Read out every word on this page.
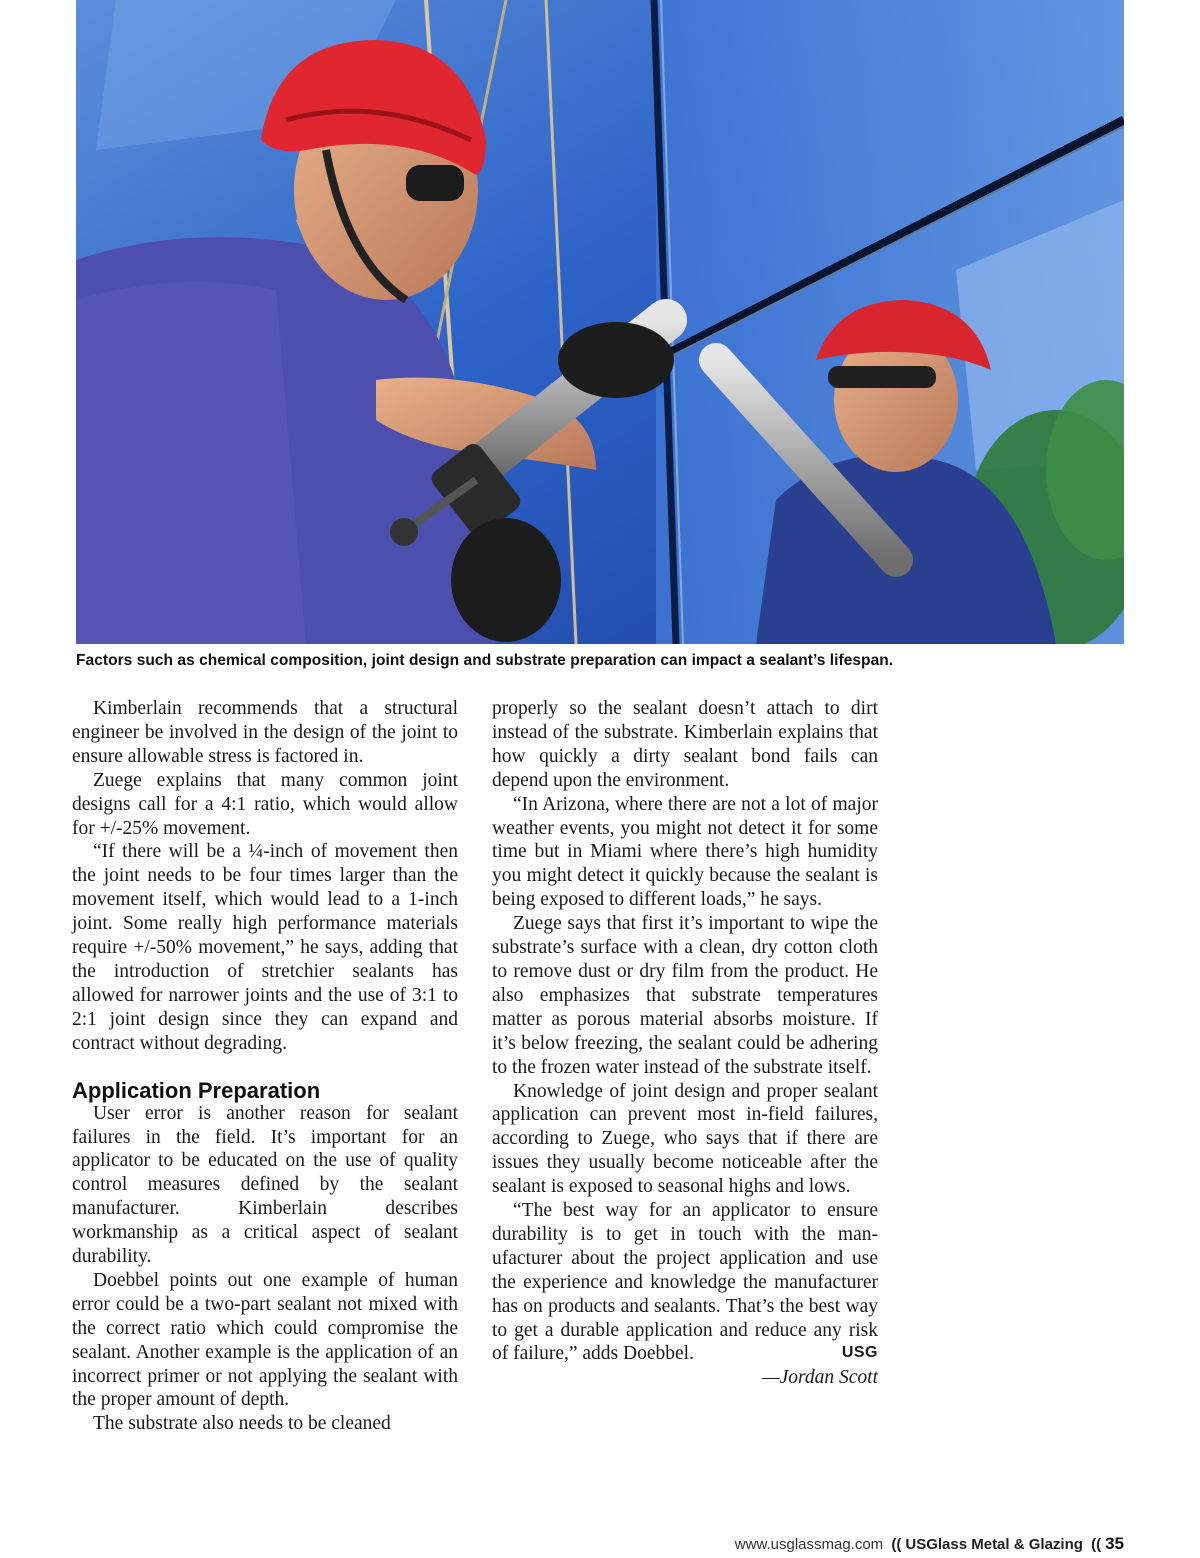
Factors such as chemical composition, joint design and substrate preparation can impact a sealant’s lifespan.

Kimberlain recommends that a structural engineer be involved in the design of the joint to ensure allowable stress is factored in.

Zuege explains that many common joint designs call for a 4:1 ratio, which would allow for +/-25% movement.

“If there will be a ¼-inch of movement then the joint needs to be four times larger than the movement itself, which would lead to a 1-inch joint. Some really high performance materials require +/-50% movement,” he says, adding that the introduction of stretchier sealants has allowed for narrower joints and the use of 3:1 to 2:1 joint design since they can expand and contract without degrading.

Application Preparation

User error is another reason for sealant failures in the field. It’s important for an applicator to be educated on the use of quality control measures defined by the sealant manufacturer. Kimberlain describes workmanship as a critical aspect of sealant durability.

Doebbel points out one example of human error could be a two-part sealant not mixed with the correct ratio which could compromise the sealant. Another example is the application of an incorrect primer or not applying the sealant with the proper amount of depth.

The substrate also needs to be cleaned

properly so the sealant doesn’t attach to dirt instead of the substrate. Kimberlain explains that how quickly a dirty sealant bond fails can depend upon the environment.

“In Arizona, where there are not a lot of major weather events, you might not detect it for some time but in Miami where there’s high humidity you might detect it quickly because the sealant is being exposed to different loads,” he says.

Zuege says that first it’s important to wipe the substrate’s surface with a clean, dry cotton cloth to remove dust or dry film from the product. He also emphasizes that substrate temperatures matter as porous material absorbs moisture. If it’s below freezing, the sealant could be adhering to the frozen water instead of the substrate itself.

Knowledge of joint design and proper sealant application can prevent most in-field failures, according to Zuege, who says that if there are issues they usually become noticeable after the sealant is exposed to seasonal highs and lows.

“The best way for an applicator to ensure durability is to get in touch with the manufacturer about the project application and use the experience and knowledge the manufacturer has on products and sealants. That’s the best way to get a durable application and reduce any risk of failure,” adds Doebbel.	USG

—Jordan Scott

www.usglassmag.com (( USGlass Metal & Glazing (( 35
